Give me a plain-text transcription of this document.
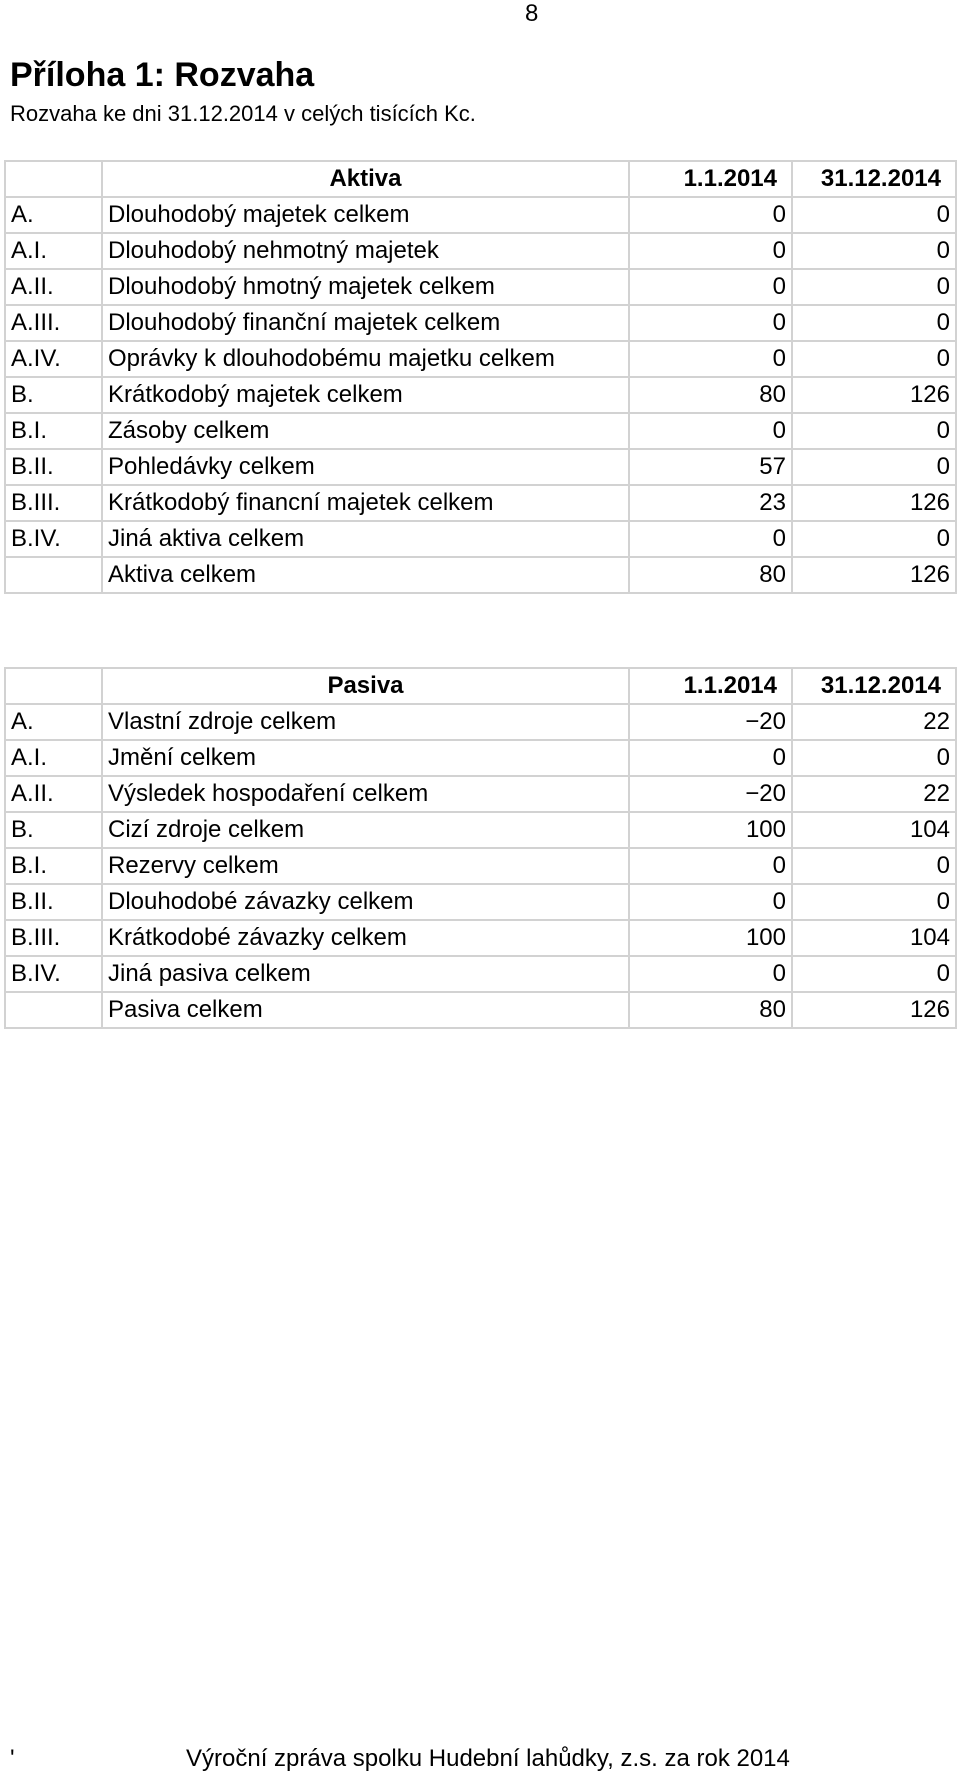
8
Příloha 1: Rozvaha
Rozvaha ke dni 31.12.2014 v celých tisících Kc.
	Aktiva	1.1.2014	31.12.2014
A.	Dlouhodobý majetek celkem	0	0
A.I.	Dlouhodobý nehmotný majetek	0	0
A.II.	Dlouhodobý hmotný majetek celkem	0	0
A.III.	Dlouhodobý finanční majetek celkem	0	0
A.IV.	Oprávky k dlouhodobému majetku celkem	0	0
B.	Krátkodobý majetek celkem	80	126
B.I.	Zásoby celkem	0	0
B.II.	Pohledávky celkem	57	0
B.III.	Krátkodobý financní majetek celkem	23	126
B.IV.	Jiná aktiva celkem	0	0
	Aktiva celkem	80	126
	Pasiva	1.1.2014	31.12.2014
A.	Vlastní zdroje celkem	−20	22
A.I.	Jmění celkem	0	0
A.II.	Výsledek hospodaření celkem	−20	22
B.	Cizí zdroje celkem	100	104
B.I.	Rezervy celkem	0	0
B.II.	Dlouhodobé závazky celkem	0	0
B.III.	Krátkodobé závazky celkem	100	104
B.IV.	Jiná pasiva celkem	0	0
	Pasiva celkem	80	126
'	Výroční zpráva spolku Hudební lahůdky, z.s. za rok 2014
